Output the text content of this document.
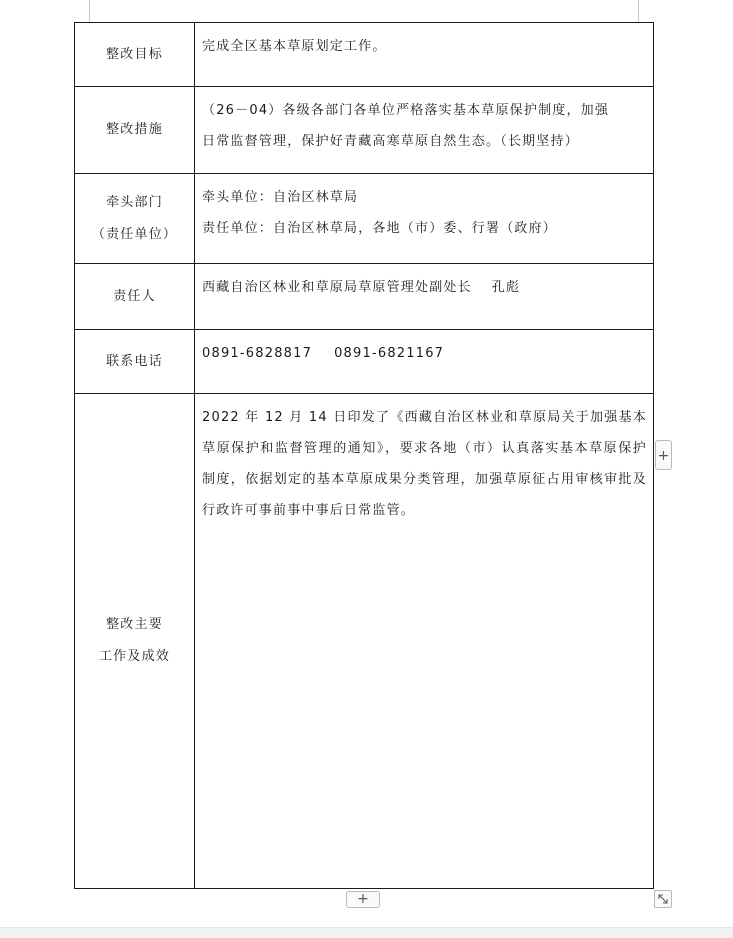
整改目标	完成全区基本草原划定工作。

整改措施	（26－04）各级各部门各单位严格落实基本草原保护制度，加强
日常监督管理，保护好青藏高寒草原自然生态。（长期坚持）

牵头部门
（责任单位）	牵头单位：自治区林草局
责任单位：自治区林草局，各地（市）委、行署（政府）

责任人	西藏自治区林业和草原局草原管理处副处长 孔彪

联系电话	0891-6828817 0891-6821167

整改主要
工作及成效	2022 年 12 月 14 日印发了《西藏自治区林业和草原局关于加强基本草原保护和监督管理的通知》，要求各地（市）认真落实基本草原保护制度，依据划定的基本草原成果分类管理，加强草原征占用审核审批及行政许可事前事中事后日常监管。
+
+
